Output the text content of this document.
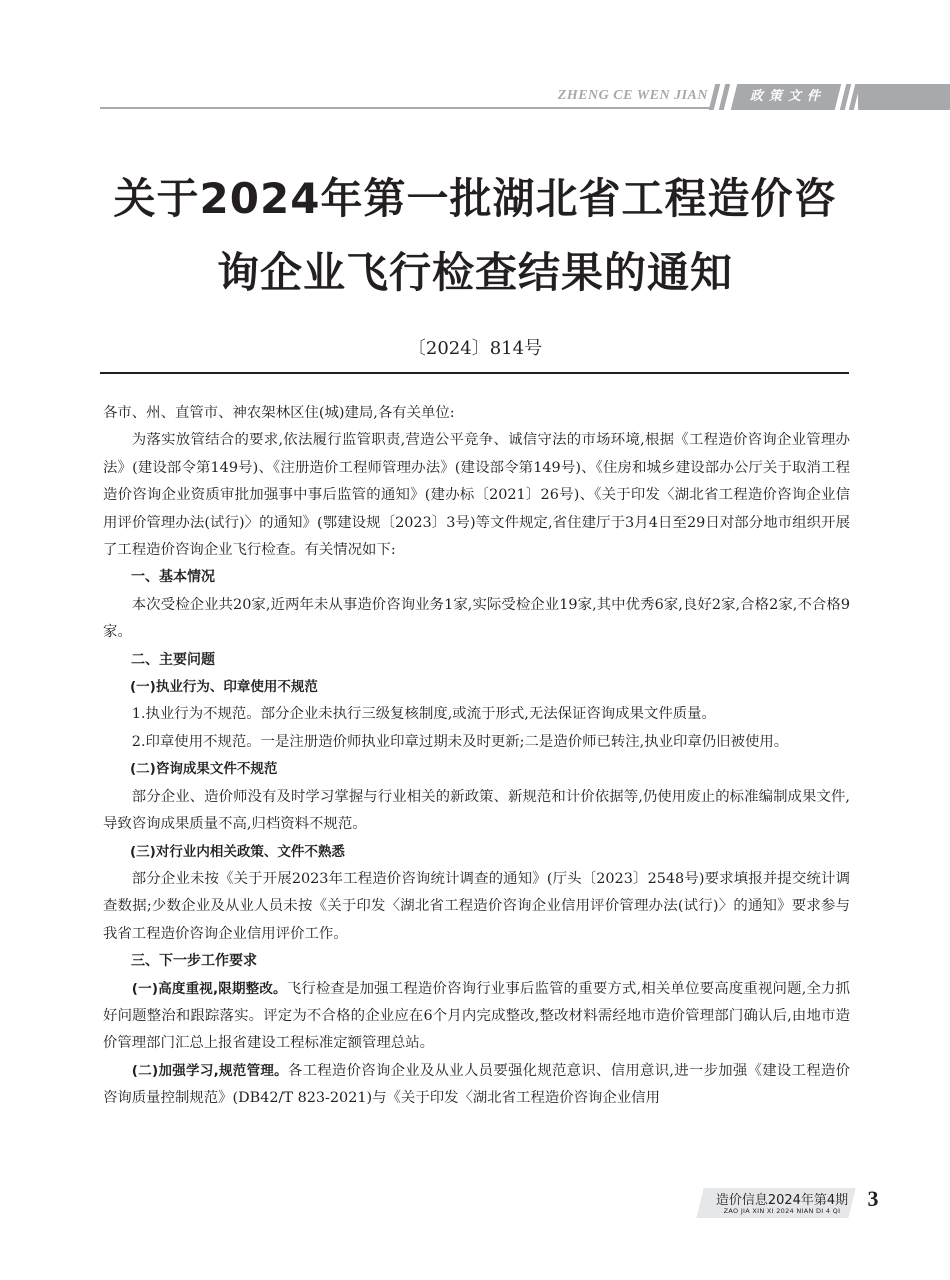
ZHENG CE WEN JIAN	政策文件
关于2024年第一批湖北省工程造价咨
询企业飞行检查结果的通知
〔2024〕814号

各市、州、直管市、神农架林区住(城)建局,各有关单位:

为落实放管结合的要求,依法履行监管职责,营造公平竞争、诚信守法的市场环境,根据《工程造价咨询企业管理办法》(建设部令第149号)、《注册造价工程师管理办法》(建设部令第149号)、《住房和城乡建设部办公厅关于取消工程造价咨询企业资质审批加强事中事后监管的通知》(建办标〔2021〕26号)、《关于印发〈湖北省工程造价咨询企业信用评价管理办法(试行)〉的通知》(鄂建设规〔2023〕3号)等文件规定,省住建厅于3月4日至29日对部分地市组织开展了工程造价咨询企业飞行检查。有关情况如下:

一、基本情况

本次受检企业共20家,近两年未从事造价咨询业务1家,实际受检企业19家,其中优秀6家,良好2家,合格2家,不合格9家。

二、主要问题

(一)执业行为、印章使用不规范

1.执业行为不规范。部分企业未执行三级复核制度,或流于形式,无法保证咨询成果文件质量。

2.印章使用不规范。一是注册造价师执业印章过期未及时更新;二是造价师已转注,执业印章仍旧被使用。

(二)咨询成果文件不规范

部分企业、造价师没有及时学习掌握与行业相关的新政策、新规范和计价依据等,仍使用废止的标准编制成果文件,导致咨询成果质量不高,归档资料不规范。

(三)对行业内相关政策、文件不熟悉

部分企业未按《关于开展2023年工程造价咨询统计调查的通知》(厅头〔2023〕2548号)要求填报并提交统计调查数据;少数企业及从业人员未按《关于印发〈湖北省工程造价咨询企业信用评价管理办法(试行)〉的通知》要求参与我省工程造价咨询企业信用评价工作。

三、下一步工作要求

(一)高度重视,限期整改。飞行检查是加强工程造价咨询行业事后监管的重要方式,相关单位要高度重视问题,全力抓好问题整治和跟踪落实。评定为不合格的企业应在6个月内完成整改,整改材料需经地市造价管理部门确认后,由地市造价管理部门汇总上报省建设工程标准定额管理总站。

(二)加强学习,规范管理。各工程造价咨询企业及从业人员要强化规范意识、信用意识,进一步加强《建设工程造价咨询质量控制规范》(DB42/T 823-2021)与《关于印发〈湖北省工程造价咨询企业信用

造价信息2024年第4期
ZAO JIA XIN XI 2024 NIAN DI 4 QI	3
